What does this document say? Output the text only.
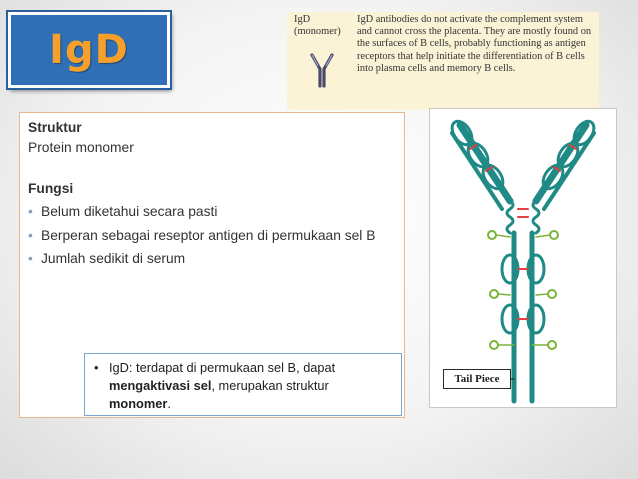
IgD
IgD
(monomer)
IgD antibodies do not activate the complement system and cannot cross the placenta. They are mostly found on the surfaces of B cells, probably functioning as antigen receptors that help initiate the differentiation of B cells into plasma cells and memory B cells.

Struktur

Protein monomer

Fungsi

• Belum diketahui secara pasti
• Berperan sebagai reseptor antigen di permukaan sel B
• Jumlah sedikit di serum
• IgD: terdapat di permukaan sel B, dapat mengaktivasi sel, merupakan struktur monomer.
Tail Piece
